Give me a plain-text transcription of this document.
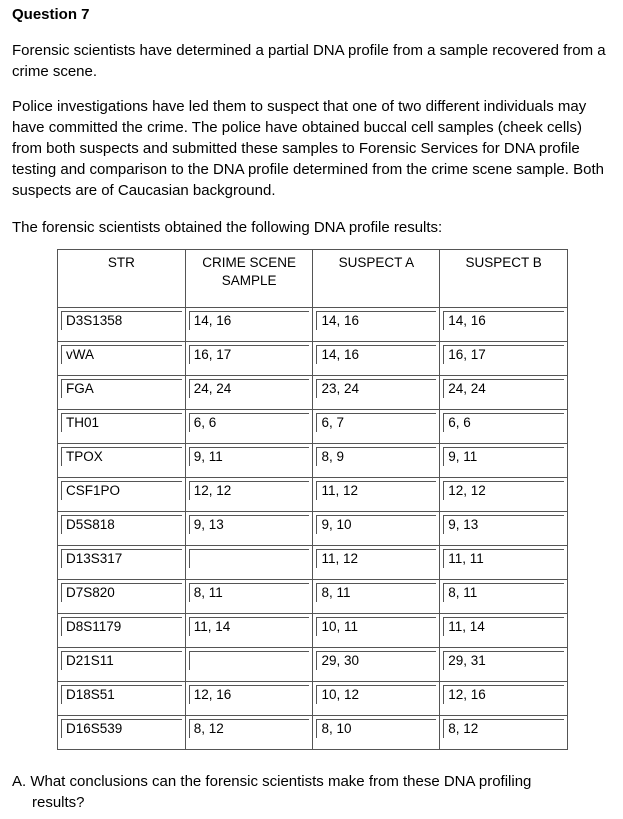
Question 7
Forensic scientists have determined a partial DNA profile from a sample recovered from a crime scene.
Police investigations have led them to suspect that one of two different individuals may have committed the crime. The police have obtained buccal cell samples (cheek cells) from both suspects and submitted these samples to Forensic Services for DNA profile testing and comparison to the DNA profile determined from the crime scene sample. Both suspects are of Caucasian background.
The forensic scientists obtained the following DNA profile results:
STR	CRIME SCENE SAMPLE	SUSPECT A	SUSPECT B

D3S1358	14, 16	14, 16	14, 16

vWA	16, 17	14, 16	16, 17

FGA	24, 24	23, 24	24, 24

TH01	6, 6	6, 7	6, 6

TPOX	9, 11	8, 9	9, 11

CSF1PO	12, 12	11, 12	12, 12

D5S818	9, 13	9, 10	9, 13

D13S317		11, 12	11, 11

D7S820	8, 11	8, 11	8, 11

D8S1179	11, 14	10, 11	11, 14

D21S11		29, 30	29, 31

D18S51	12, 16	10, 12	12, 16

D16S539	8, 12	8, 10	8, 12
A. What conclusions can the forensic scientists make from these DNA profiling
results?
